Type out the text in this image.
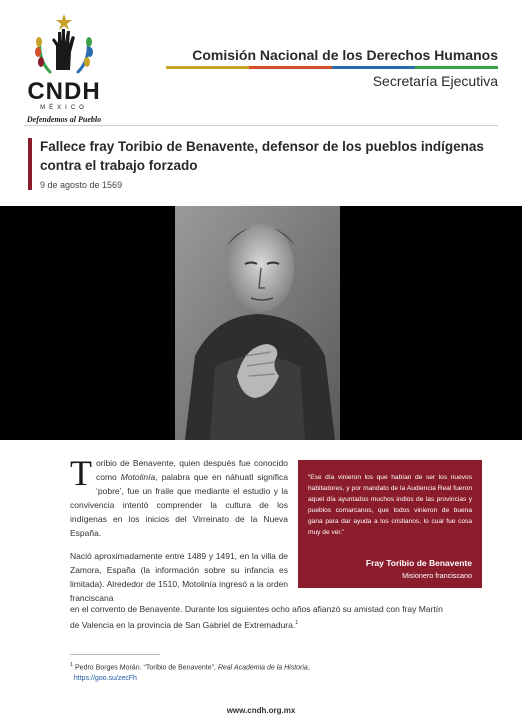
CNDH
MÉXICO
Defendemos al Pueblo
Comisión Nacional de los Derechos Humanos
Secretaría Ejecutiva
Fallece fray Toribio de Benavente, defensor de los pueblos indígenas contra el trabajo forzado
9 de agosto de 1569

Toribio de Benavente, quien después fue conocido como Motolinía, palabra que en náhuatl significa ‘pobre’, fue un fraile que mediante el estudio y la convivencia intentó comprender la cultura de los indígenas en los inicios del Virreinato de la Nueva España.

Nació aproximadamente entre 1489 y 1491, en la villa de Zamora, España (la información sobre su infancia es limitada). Alrededor de 1510, Motolinía ingresó a la orden franciscana

en el convento de Benavente. Durante los siguientes ocho años afianzó su amistad con fray Martín de Valencia en la provincia de San Gabriel de Extremadura.$^1$
“Ese día vinieron los que habían de ser los nuevos habitadores, y por mandato de la Audiencia Real fueron aquel día ayuntados muchos indios de las provincias y pueblos comarcanos, que todos vinieron de buena gana para dar ayuda a los cristianos, lo cual fue cosa muy de ver.”
Fray Toribio de Benavente
Misionero franciscano
$^1$ Pedro Borges Morán. “Toribio de Benavente”, Real Academia de la Historia,
https://goo.su/zecFh
www.cndh.org.mx
